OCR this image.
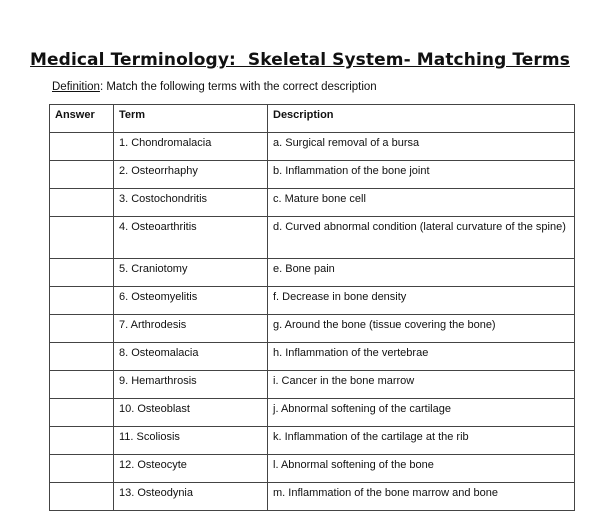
Medical Terminology:  Skeletal System- Matching Terms
Definition: Match the following terms with the correct description
Answer	Term	Description
	1. Chondromalacia	a. Surgical removal of a bursa
	2. Osteorrhaphy	b. Inflammation of the bone joint
	3. Costochondritis	c. Mature bone cell
	4. Osteoarthritis	d. Curved abnormal condition (lateral curvature of the spine)
	5. Craniotomy	e. Bone pain
	6. Osteomyelitis	f. Decrease in bone density
	7. Arthrodesis	g. Around the bone (tissue covering the bone)
	8. Osteomalacia	h. Inflammation of the vertebrae
	9. Hemarthrosis	i. Cancer in the bone marrow
	10. Osteoblast	j. Abnormal softening of the cartilage
	11. Scoliosis	k. Inflammation of the cartilage at the rib
	12. Osteocyte	l. Abnormal softening of the bone
	13. Osteodynia	m. Inflammation of the bone marrow and bone
